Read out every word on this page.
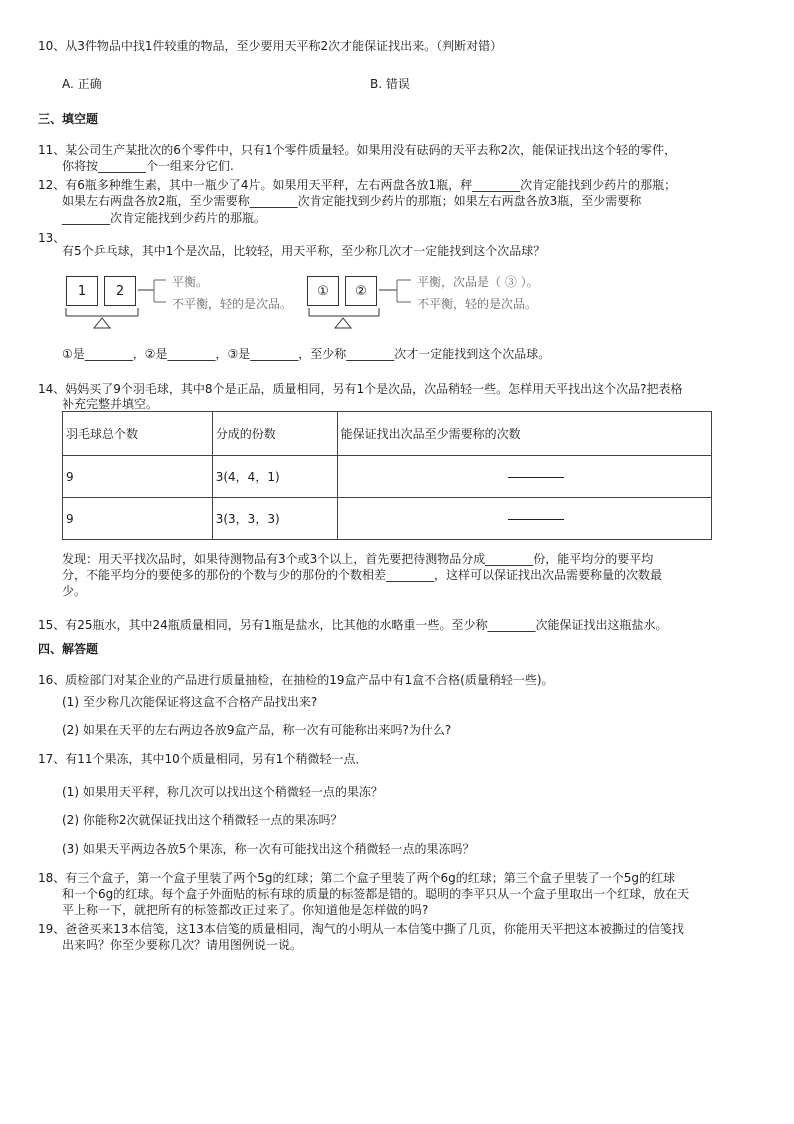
10、从3件物品中找1件较重的物品，至少要用天平称2次才能保证找出来。（判断对错）
A. 正确	B. 错误
三、填空题
11、某公司生产某批次的6个零件中，只有1个零件质量轻。如果用没有砝码的天平去称2次，能保证找出这个轻的零件，
你将按________个一组来分它们.
12、有6瓶多种维生素，其中一瓶少了4片。如果用天平秤，左右两盘各放1瓶，秤________次肯定能找到少药片的那瓶；
如果左右两盘各放2瓶，至少需要称________次肯定能找到少药片的那瓶；如果左右两盘各放3瓶，至少需要称
________次肯定能找到少药片的那瓶。
13、
有5个乒乓球，其中1个是次品，比较轻，用天平称，至少称几次才一定能找到这个次品球？
1	2
平衡。
不平衡，轻的是次品。
①	②
平衡，次品是（ ③ ）。
不平衡，轻的是次品。
①是________，②是________，③是________，至少称________次才一定能找到这个次品球。
14、妈妈买了9个羽毛球，其中8个是正品，质量相同，另有1个是次品，次品稍轻一些。怎样用天平找出这个次品?把表格
补充完整并填空。
羽毛球总个数	分成的份数	能保证找出次品至少需要称的次数
9	3(4，4，1)	
9	3(3，3，3)	
发现：用天平找次品时，如果待测物品有3个或3个以上，首先要把待测物品分成________份，能平均分的要平均
分，不能平均分的要使多的那份的个数与少的那份的个数相差________，这样可以保证找出次品需要称量的次数最
少。
15、有25瓶水，其中24瓶质量相同，另有1瓶是盐水，比其他的水略重一些。至少称________次能保证找出这瓶盐水。
四、解答题
16、质检部门对某企业的产品进行质量抽检，在抽检的19盒产品中有1盒不合格(质量稍轻一些)。
(1) 至少称几次能保证将这盒不合格产品找出来?
(2) 如果在天平的左右两边各放9盒产品，称一次有可能称出来吗?为什么?
17、有11个果冻，其中10个质量相同，另有1个稍微轻一点．
(1) 如果用天平秤，称几次可以找出这个稍微轻一点的果冻？
(2) 你能称2次就保证找出这个稍微轻一点的果冻吗？
(3) 如果天平两边各放5个果冻，称一次有可能找出这个稍微轻一点的果冻吗？
18、有三个盒子，第一个盒子里装了两个5g的红球；第二个盒子里装了两个6g的红球；第三个盒子里装了一个5g的红球
和一个6g的红球。每个盒子外面贴的标有球的质量的标签都是错的。聪明的李平只从一个盒子里取出一个红球，放在天
平上称一下，就把所有的标签都改正过来了。你知道他是怎样做的吗?
19、爸爸买来13本信笺，这13本信笺的质量相同，淘气的小明从一本信笺中撕了几页，你能用天平把这本被撕过的信笺找
出来吗？你至少要称几次？请用图例说一说。
